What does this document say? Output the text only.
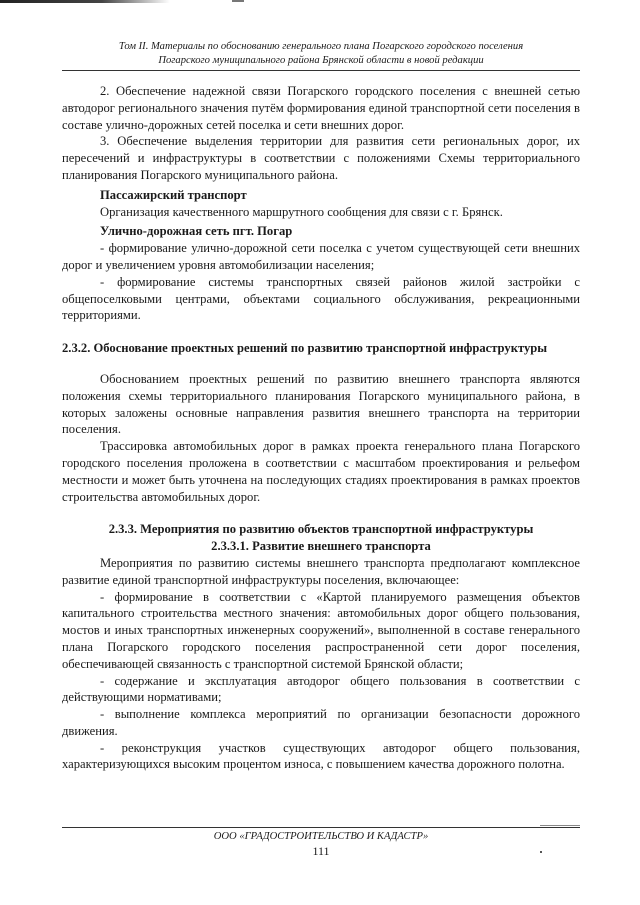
Том II. Материалы по обоснованию генерального плана Погарского городского поселения
Погарского муниципального района Брянской области в новой редакции

2. Обеспечение надежной связи Погарского городского поселения с внешней сетью автодорог регионального значения путём формирования единой транспортной сети поселения в составе улично-дорожных сетей поселка и сети внешних дорог.

3. Обеспечение выделения территории для развития сети региональных дорог, их пересечений и инфраструктуры в соответствии с положениями Схемы территориального планирования Погарского муниципального района.

Пассажирский транспорт

Организация качественного маршрутного сообщения для связи с г. Брянск.

Улично-дорожная сеть пгт. Погар

- формирование улично-дорожной сети поселка с учетом существующей сети внешних дорог и увеличением уровня автомобилизации населения;

- формирование системы транспортных связей районов жилой застройки с общепоселковыми центрами, объектами социального обслуживания, рекреационными территориями.

2.3.2. Обоснование проектных решений по развитию транспортной инфраструктуры

Обоснованием проектных решений по развитию внешнего транспорта являются положения схемы территориального планирования Погарского муниципального района, в которых заложены основные направления развития внешнего транспорта на территории поселения.

Трассировка автомобильных дорог в рамках проекта генерального плана Погарского городского поселения проложена в соответствии с масштабом проектирования и рельефом местности и может быть уточнена на последующих стадиях проектирования в рамках проектов строительства автомобильных дорог.

2.3.3. Мероприятия по развитию объектов транспортной инфраструктуры

2.3.3.1. Развитие внешнего транспорта

Мероприятия по развитию системы внешнего транспорта предполагают комплексное развитие единой транспортной инфраструктуры поселения, включающее:

- формирование в соответствии с «Картой планируемого размещения объектов капитального строительства местного значения: автомобильных дорог общего пользования, мостов и иных транспортных инженерных сооружений», выполненной в составе генерального плана Погарского городского поселения распространенной сети дорог поселения, обеспечивающей связанность с транспортной системой Брянской области;

- содержание и эксплуатация автодорог общего пользования в соответствии с действующими нормативами;

- выполнение комплекса мероприятий по организации безопасности дорожного движения.

- реконструкция участков существующих автодорог общего пользования, характеризующихся высоким процентом износа, с повышением качества дорожного полотна.

ООО «ГРАДОСТРОИТЕЛЬСТВО И КАДАСТР»
111
